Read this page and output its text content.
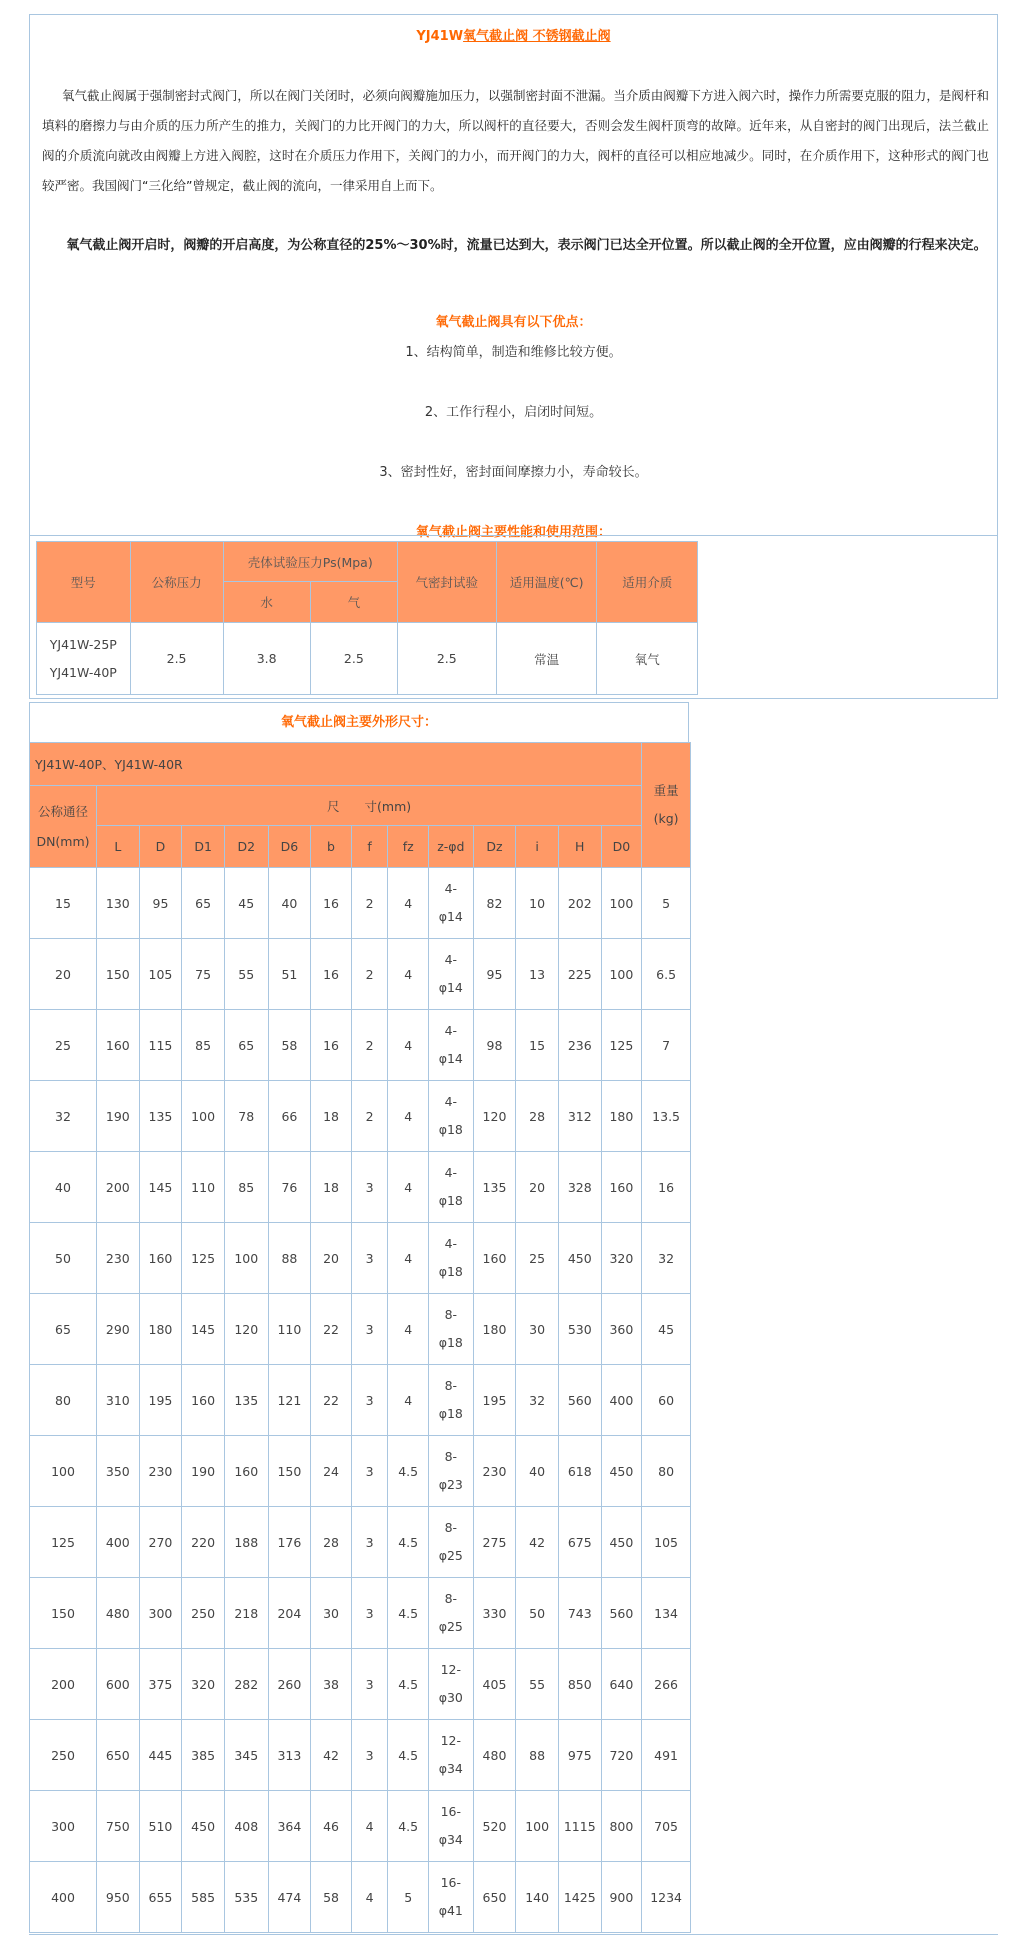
YJ41W氧气截止阀 不锈钢截止阀
氧气截止阀属于强制密封式阀门，所以在阀门关闭时，必须向阀瓣施加压力，以强制密封面不泄漏。当介质由阀瓣下方进入阀六时，操作力所需要克服的阻力，是阀杆和填料的磨擦力与由介质的压力所产生的推力，关阀门的力比开阀门的力大，所以阀杆的直径要大，否则会发生阀杆顶弯的故障。近年来，从自密封的阀门出现后，法兰截止阀的介质流向就改由阀瓣上方进入阀腔，这时在介质压力作用下，关阀门的力小，而开阀门的力大，阀杆的直径可以相应地减少。同时，在介质作用下，这种形式的阀门也较严密。我国阀门“三化给”曾规定，截止阀的流向，一律采用自上而下。
氧气截止阀开启时，阀瓣的开启高度，为公称直径的25%～30%时，流量已达到大，表示阀门已达全开位置。所以截止阀的全开位置，应由阀瓣的行程来决定。
氧气截止阀具有以下优点：
1、结构简单，制造和维修比较方便。
2、工作行程小，启闭时间短。
3、密封性好，密封面间摩擦力小，寿命较长。
氧气截止阀主要性能和使用范围：
型号	公称压力	壳体试验压力Ps(Mpa)		气密封试验	适用温度(℃)	适用介质
		水	气			
YJ41W-25P
YJ41W-40P	2.5	3.8	2.5	2.5	常温	氧气
氧气截止阀主要外形尺寸：
YJ41W-40P、YJ41W-40R														重量(kg)
公称通径DN(mm)	尺　　寸(mm)													
	L	D	D1	D2	D6	b	f	fz	z-φd	Dz	i	H	D0	
15	130	95	65	45	40	16	2	4	4-
φ14	82	10	202	100	5
20	150	105	75	55	51	16	2	4	4-
φ14	95	13	225	100	6.5
25	160	115	85	65	58	16	2	4	4-
φ14	98	15	236	125	7
32	190	135	100	78	66	18	2	4	4-
φ18	120	28	312	180	13.5
40	200	145	110	85	76	18	3	4	4-
φ18	135	20	328	160	16
50	230	160	125	100	88	20	3	4	4-
φ18	160	25	450	320	32
65	290	180	145	120	110	22	3	4	8-
φ18	180	30	530	360	45
80	310	195	160	135	121	22	3	4	8-
φ18	195	32	560	400	60
100	350	230	190	160	150	24	3	4.5	8-
φ23	230	40	618	450	80
125	400	270	220	188	176	28	3	4.5	8-
φ25	275	42	675	450	105
150	480	300	250	218	204	30	3	4.5	8-
φ25	330	50	743	560	134
200	600	375	320	282	260	38	3	4.5	12-
φ30	405	55	850	640	266
250	650	445	385	345	313	42	3	4.5	12-
φ34	480	88	975	720	491
300	750	510	450	408	364	46	4	4.5	16-
φ34	520	100	1115	800	705
400	950	655	585	535	474	58	4	5	16-
φ41	650	140	1425	900	1234
